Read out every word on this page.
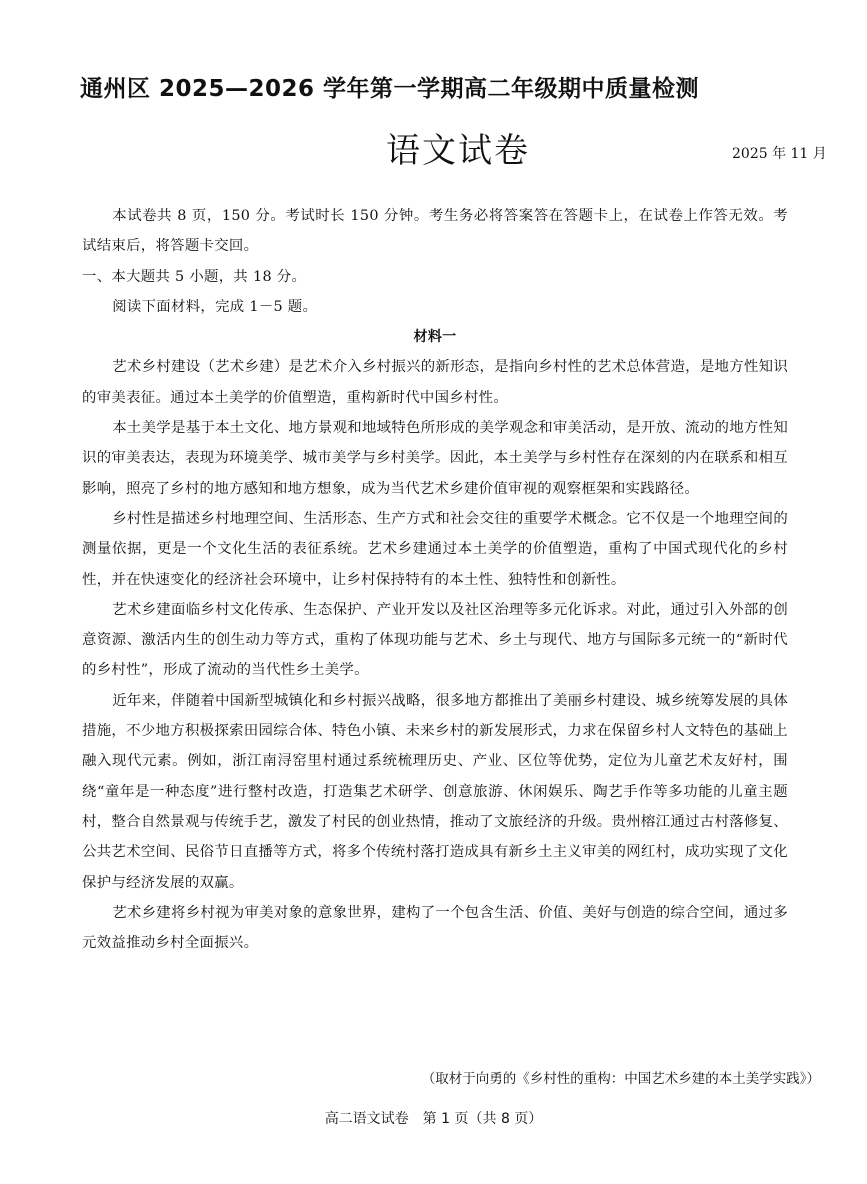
通州区 2025—2026 学年第一学期高二年级期中质量检测
语文试卷	2025 年 11 月

本试卷共 8 页，150 分。考试时长 150 分钟。考生务必将答案答在答题卡上，在试卷上作答无效。考试结束后，将答题卡交回。

一、本大题共 5 小题，共 18 分。

阅读下面材料，完成 1－5 题。

材料一

艺术乡村建设（艺术乡建）是艺术介入乡村振兴的新形态，是指向乡村性的艺术总体营造，是地方性知识的审美表征。通过本土美学的价值塑造，重构新时代中国乡村性。

本土美学是基于本土文化、地方景观和地域特色所形成的美学观念和审美活动，是开放、流动的地方性知识的审美表达，表现为环境美学、城市美学与乡村美学。因此，本土美学与乡村性存在深刻的内在联系和相互影响，照亮了乡村的地方感知和地方想象，成为当代艺术乡建价值审视的观察框架和实践路径。

乡村性是描述乡村地理空间、生活形态、生产方式和社会交往的重要学术概念。它不仅是一个地理空间的测量依据，更是一个文化生活的表征系统。艺术乡建通过本土美学的价值塑造，重构了中国式现代化的乡村性，并在快速变化的经济社会环境中，让乡村保持特有的本土性、独特性和创新性。

艺术乡建面临乡村文化传承、生态保护、产业开发以及社区治理等多元化诉求。对此，通过引入外部的创意资源、激活内生的创生动力等方式，重构了体现功能与艺术、乡土与现代、地方与国际多元统一的“新时代的乡村性”，形成了流动的当代性乡土美学。

近年来，伴随着中国新型城镇化和乡村振兴战略，很多地方都推出了美丽乡村建设、城乡统筹发展的具体措施，不少地方积极探索田园综合体、特色小镇、未来乡村的新发展形式，力求在保留乡村人文特色的基础上融入现代元素。例如，浙江南浔窑里村通过系统梳理历史、产业、区位等优势，定位为儿童艺术友好村，围绕“童年是一种态度”进行整村改造，打造集艺术研学、创意旅游、休闲娱乐、陶艺手作等多功能的儿童主题村，整合自然景观与传统手艺，激发了村民的创业热情，推动了文旅经济的升级。贵州榕江通过古村落修复、公共艺术空间、民俗节日直播等方式，将多个传统村落打造成具有新乡土主义审美的网红村，成功实现了文化保护与经济发展的双赢。

艺术乡建将乡村视为审美对象的意象世界，建构了一个包含生活、价值、美好与创造的综合空间，通过多元效益推动乡村全面振兴。

（取材于向勇的《乡村性的重构：中国艺术乡建的本土美学实践》）
高二语文试卷　第 1 页（共 8 页）
